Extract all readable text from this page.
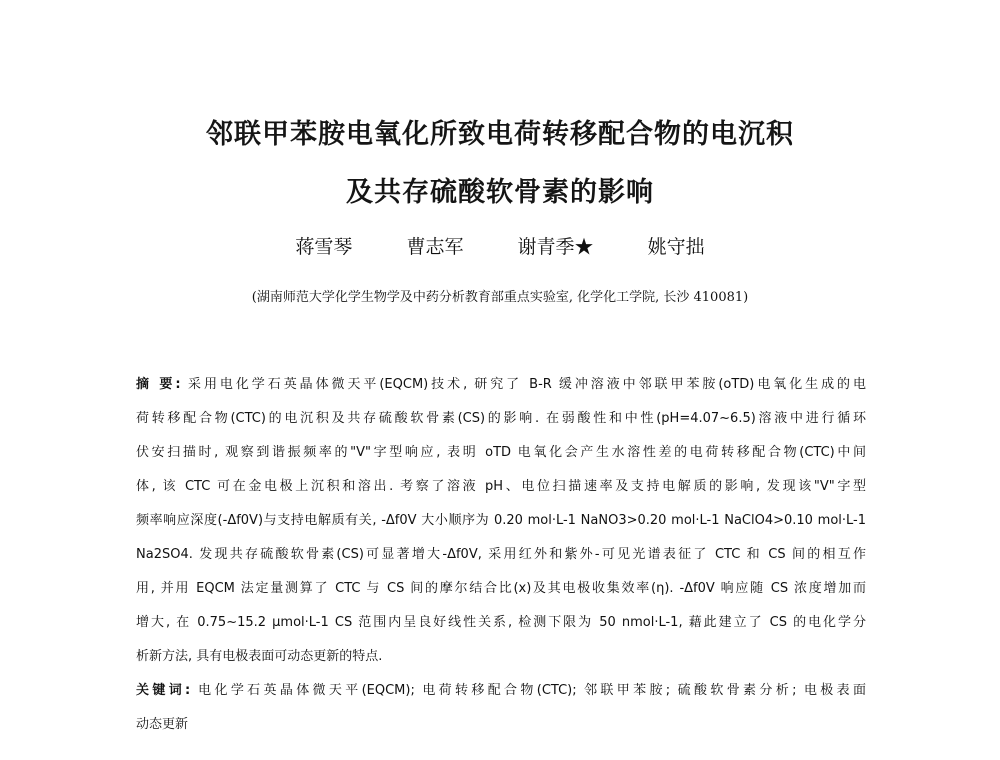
邻联甲苯胺电氧化所致电荷转移配合物的电沉积
及共存硫酸软骨素的影响
蒋雪琴	曹志军	谢青季★	姚守拙
(湖南师范大学化学生物学及中药分析教育部重点实验室, 化学化工学院, 长沙 410081)
摘 要: 采用电化学石英晶体微天平(EQCM)技术, 研究了 B-R 缓冲溶液中邻联甲苯胺(oTD)电氧化生成的电
荷转移配合物(CTC)的电沉积及共存硫酸软骨素(CS)的影响. 在弱酸性和中性(pH=4.07~6.5)溶液中进行循环
伏安扫描时, 观察到谐振频率的"V"字型响应, 表明 oTD 电氧化会产生水溶性差的电荷转移配合物(CTC)中间
体, 该 CTC 可在金电极上沉积和溶出. 考察了溶液 pH、电位扫描速率及支持电解质的影响, 发现该"V"字型
频率响应深度(-Δf0V)与支持电解质有关, -Δf0V 大小顺序为 0.20 mol·L-1 NaNO3>0.20 mol·L-1 NaClO4>0.10 mol·L-1
Na2SO4. 发现共存硫酸软骨素(CS)可显著增大-Δf0V, 采用红外和紫外-可见光谱表征了 CTC 和 CS 间的相互作
用, 并用 EQCM 法定量测算了 CTC 与 CS 间的摩尔结合比(x)及其电极收集效率(η). -Δf0V 响应随 CS 浓度增加而
增大, 在 0.75~15.2 μmol·L-1 CS 范围内呈良好线性关系, 检测下限为 50 nmol·L-1, 藉此建立了 CS 的电化学分
析新方法, 具有电极表面可动态更新的特点.
关键词: 电化学石英晶体微天平(EQCM); 电荷转移配合物(CTC); 邻联甲苯胺; 硫酸软骨素分析; 电极表面
动态更新
